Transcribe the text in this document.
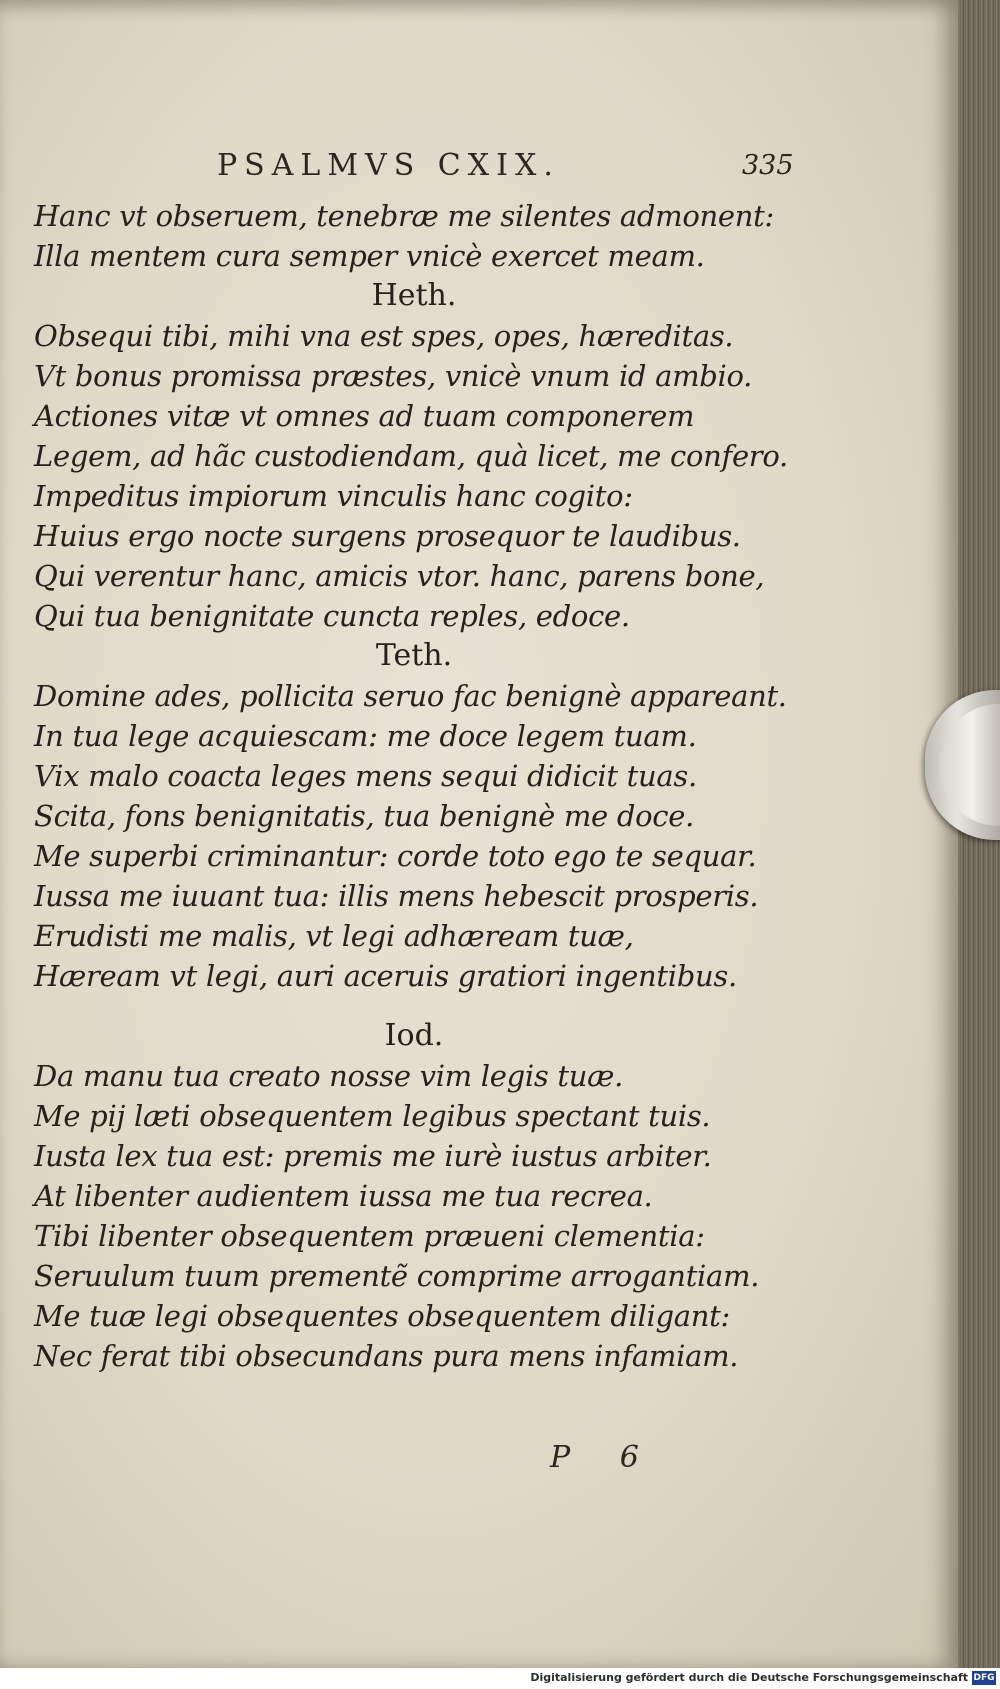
PSALMVS CXIX.	335
Hanc vt obseruem, tenebræ me silentes admonent:
Illa mentem cura semper vnicè exercet meam.
Heth.
Obsequi tibi, mihi vna est spes, opes, hæreditas.
Vt bonus promissa præstes, vnicè vnum id ambio.
Actiones vitæ vt omnes ad tuam componerem
Legem, ad hãc custodiendam, quà licet, me confero.
Impeditus impiorum vinculis hanc cogito:
Huius ergo nocte surgens prosequor te laudibus.
Qui verentur hanc, amicis vtor. hanc, parens bone,
Qui tua benignitate cuncta reples, edoce.
Teth.
Domine ades, pollicita seruo fac benignè appareant.
In tua lege acquiescam: me doce legem tuam.
Vix malo coacta leges mens sequi didicit tuas.
Scita, fons benignitatis, tua benignè me doce.
Me superbi criminantur: corde toto ego te sequar.
Iussa me iuuant tua: illis mens hebescit prosperis.
Erudisti me malis, vt legi adhæream tuæ,
Hæream vt legi, auri aceruis gratiori ingentibus.
Iod.
Da manu tua creato nosse vim legis tuæ.
Me pij læti obsequentem legibus spectant tuis.
Iusta lex tua est: premis me iurè iustus arbiter.
At libenter audientem iussa me tua recrea.
Tibi libenter obsequentem præueni clementia:
Seruulum tuum prementẽ comprime arrogantiam.
Me tuæ legi obsequentes obsequentem diligant:
Nec ferat tibi obsecundans pura mens infamiam.
P 6
Digitalisierung gefördert durch die Deutsche Forschungsgemeinschaft DFG
